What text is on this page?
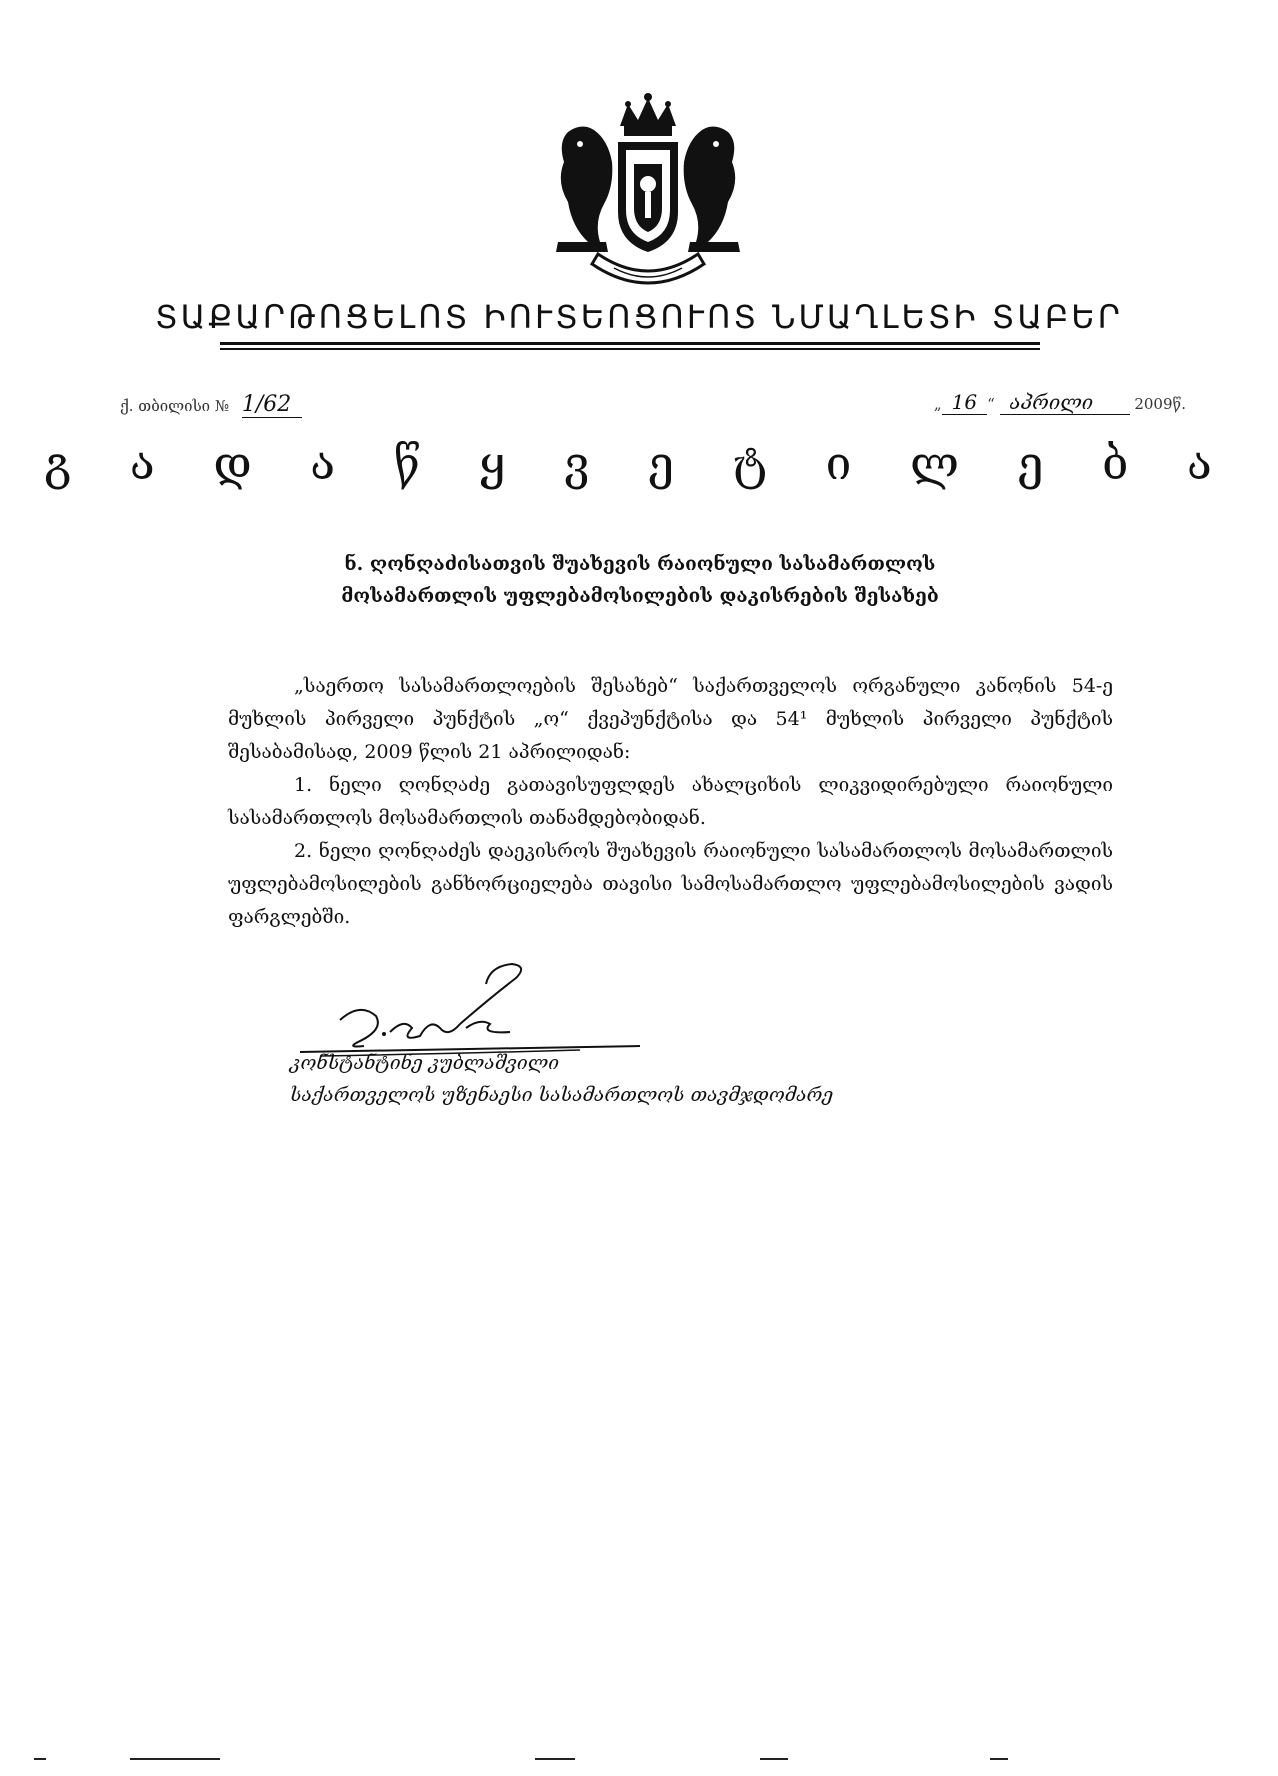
ՏԱՔԱՐԹՈՑԵԼՈՏ ԻՈՒՏԵՈՑՈՒՈՏ ՆՄԱՂԼԵՏԻ ՏԱԲԵՐ
ქ. თბილისი № 1/62	„ 16 “ აპრილი	2009წ.
გ ა დ ა წ ყ ვ ე ტ ი ლ ე ბ ა
ნ. ღონღაძისათვის შუახევის რაიონული სასამართლოს
მოსამართლის უფლებამოსილების დაკისრების შესახებ

„საერთო სასამართლოების შესახებ“ საქართველოს ორგანული კანონის 54-ე მუხლის პირველი პუნქტის „ო“ ქვეპუნქტისა და 54¹ მუხლის პირველი პუნქტის შესაბამისად, 2009 წლის 21 აპრილიდან:

1. ნელი ღონღაძე გათავისუფლდეს ახალციხის ლიკვიდირებული რაიონული სასამართლოს მოსამართლის თანამდებობიდან.

2. ნელი ღონღაძეს დაეკისროს შუახევის რაიონული სასამართლოს მოსამართლის უფლებამოსილების განხორციელება თავისი სამოსამართლო უფლებამოსილების ვადის ფარგლებში.

კონსტანტინე კუბლაშვილი
საქართველოს უზენაესი სასამართლოს თავმჯდომარე
